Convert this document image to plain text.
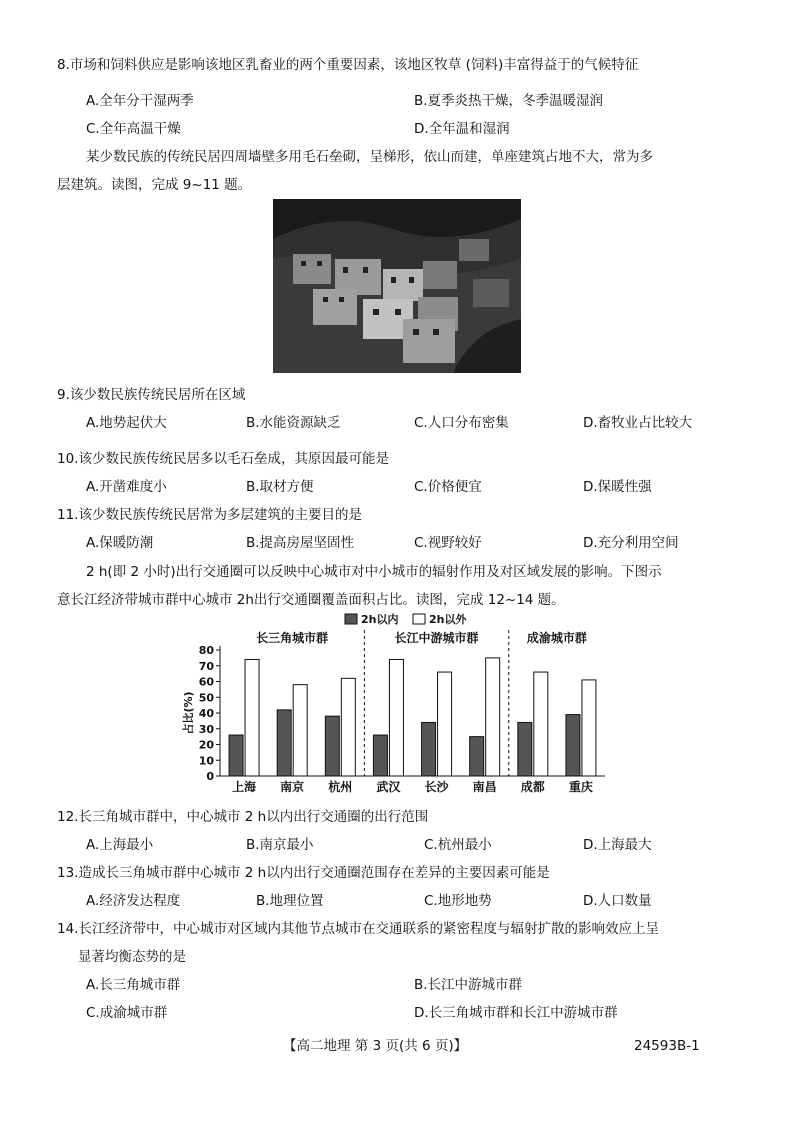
8.市场和饲料供应是影响该地区乳畜业的两个重要因素，该地区牧草 (饲料)丰富得益于的气候特征
A.全年分干湿两季	B.夏季炎热干燥，冬季温暖湿润
C.全年高温干燥	D.全年温和湿润
某少数民族的传统民居四周墙壁多用毛石垒砌，呈梯形，依山而建，单座建筑占地不大，常为多
层建筑。读图，完成 9~11 题。
9.该少数民族传统民居所在区域
A.地势起伏大	B.水能资源缺乏	C.人口分布密集	D.畜牧业占比较大
10.该少数民族传统民居多以毛石垒成，其原因最可能是
A.开凿难度小	B.取材方便	C.价格便宜	D.保暖性强
11.该少数民族传统民居常为多层建筑的主要目的是
A.保暖防潮	B.提高房屋坚固性	C.视野较好	D.充分利用空间
2 h(即 2 小时)出行交通圈可以反映中心城市对中小城市的辐射作用及对区域发展的影响。下图示
意长江经济带城市群中心城市 2h出行交通圈覆盖面积占比。读图，完成 12~14 题。
2h以内	2h以外
0
10
20
30
40
50
60
70
80
占比(%)
上海 南京 杭州 武汉 长沙 南昌 成都 重庆
长三角城市群	长江中游城市群	成渝城市群
12.长三角城市群中，中心城市 2 h以内出行交通圈的出行范围
A.上海最小	B.南京最小	C.杭州最小	D.上海最大
13.造成长三角城市群中心城市 2 h以内出行交通圈范围存在差异的主要因素可能是
A.经济发达程度	B.地理位置	C.地形地势	D.人口数量
14.长江经济带中，中心城市对区域内其他节点城市在交通联系的紧密程度与辐射扩散的影响效应上呈
显著均衡态势的是
A.长三角城市群	B.长江中游城市群
C.成渝城市群	D.长三角城市群和长江中游城市群
【高二地理 第 3 页(共 6 页)】	24593B-1
